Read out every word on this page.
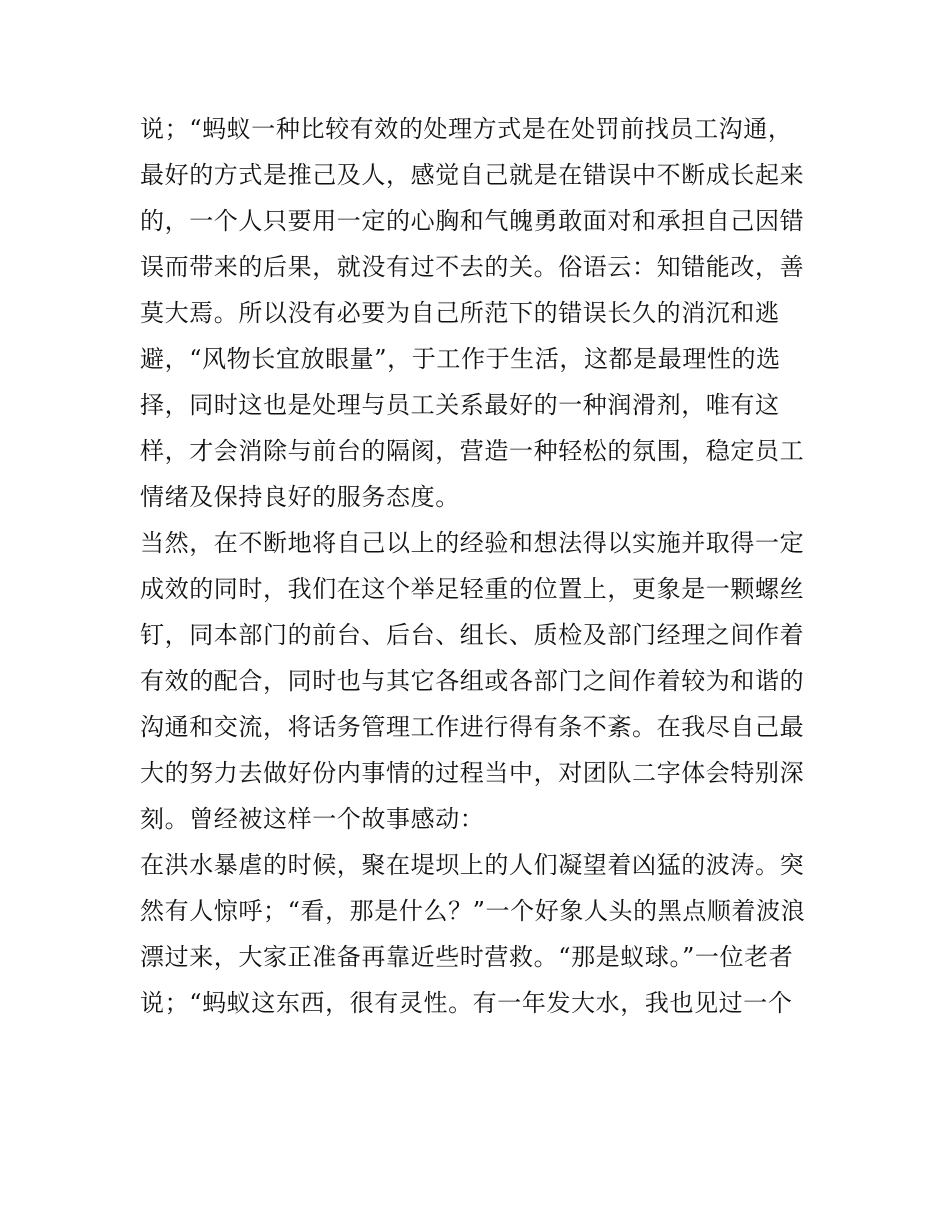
说；“蚂蚁一种比较有效的处理方式是在处罚前找员工沟通，
最好的方式是推己及人，感觉自己就是在错误中不断成长起来
的，一个人只要用一定的心胸和气魄勇敢面对和承担自己因错
误而带来的后果，就没有过不去的关。俗语云：知错能改，善
莫大焉。所以没有必要为自己所范下的错误长久的消沉和逃
避，“风物长宜放眼量”，于工作于生活，这都是最理性的选
择，同时这也是处理与员工关系最好的一种润滑剂，唯有这
样，才会消除与前台的隔阂，营造一种轻松的氛围，稳定员工
情绪及保持良好的服务态度。
当然，在不断地将自己以上的经验和想法得以实施并取得一定
成效的同时，我们在这个举足轻重的位置上，更象是一颗螺丝
钉，同本部门的前台、后台、组长、质检及部门经理之间作着
有效的配合，同时也与其它各组或各部门之间作着较为和谐的
沟通和交流，将话务管理工作进行得有条不紊。在我尽自己最
大的努力去做好份内事情的过程当中，对团队二字体会特别深
刻。曾经被这样一个故事感动：
在洪水暴虐的时候，聚在堤坝上的人们凝望着凶猛的波涛。突
然有人惊呼；“看，那是什么？”一个好象人头的黑点顺着波浪
漂过来，大家正准备再靠近些时营救。“那是蚁球。”一位老者
说；“蚂蚁这东西，很有灵性。有一年发大水，我也见过一个
